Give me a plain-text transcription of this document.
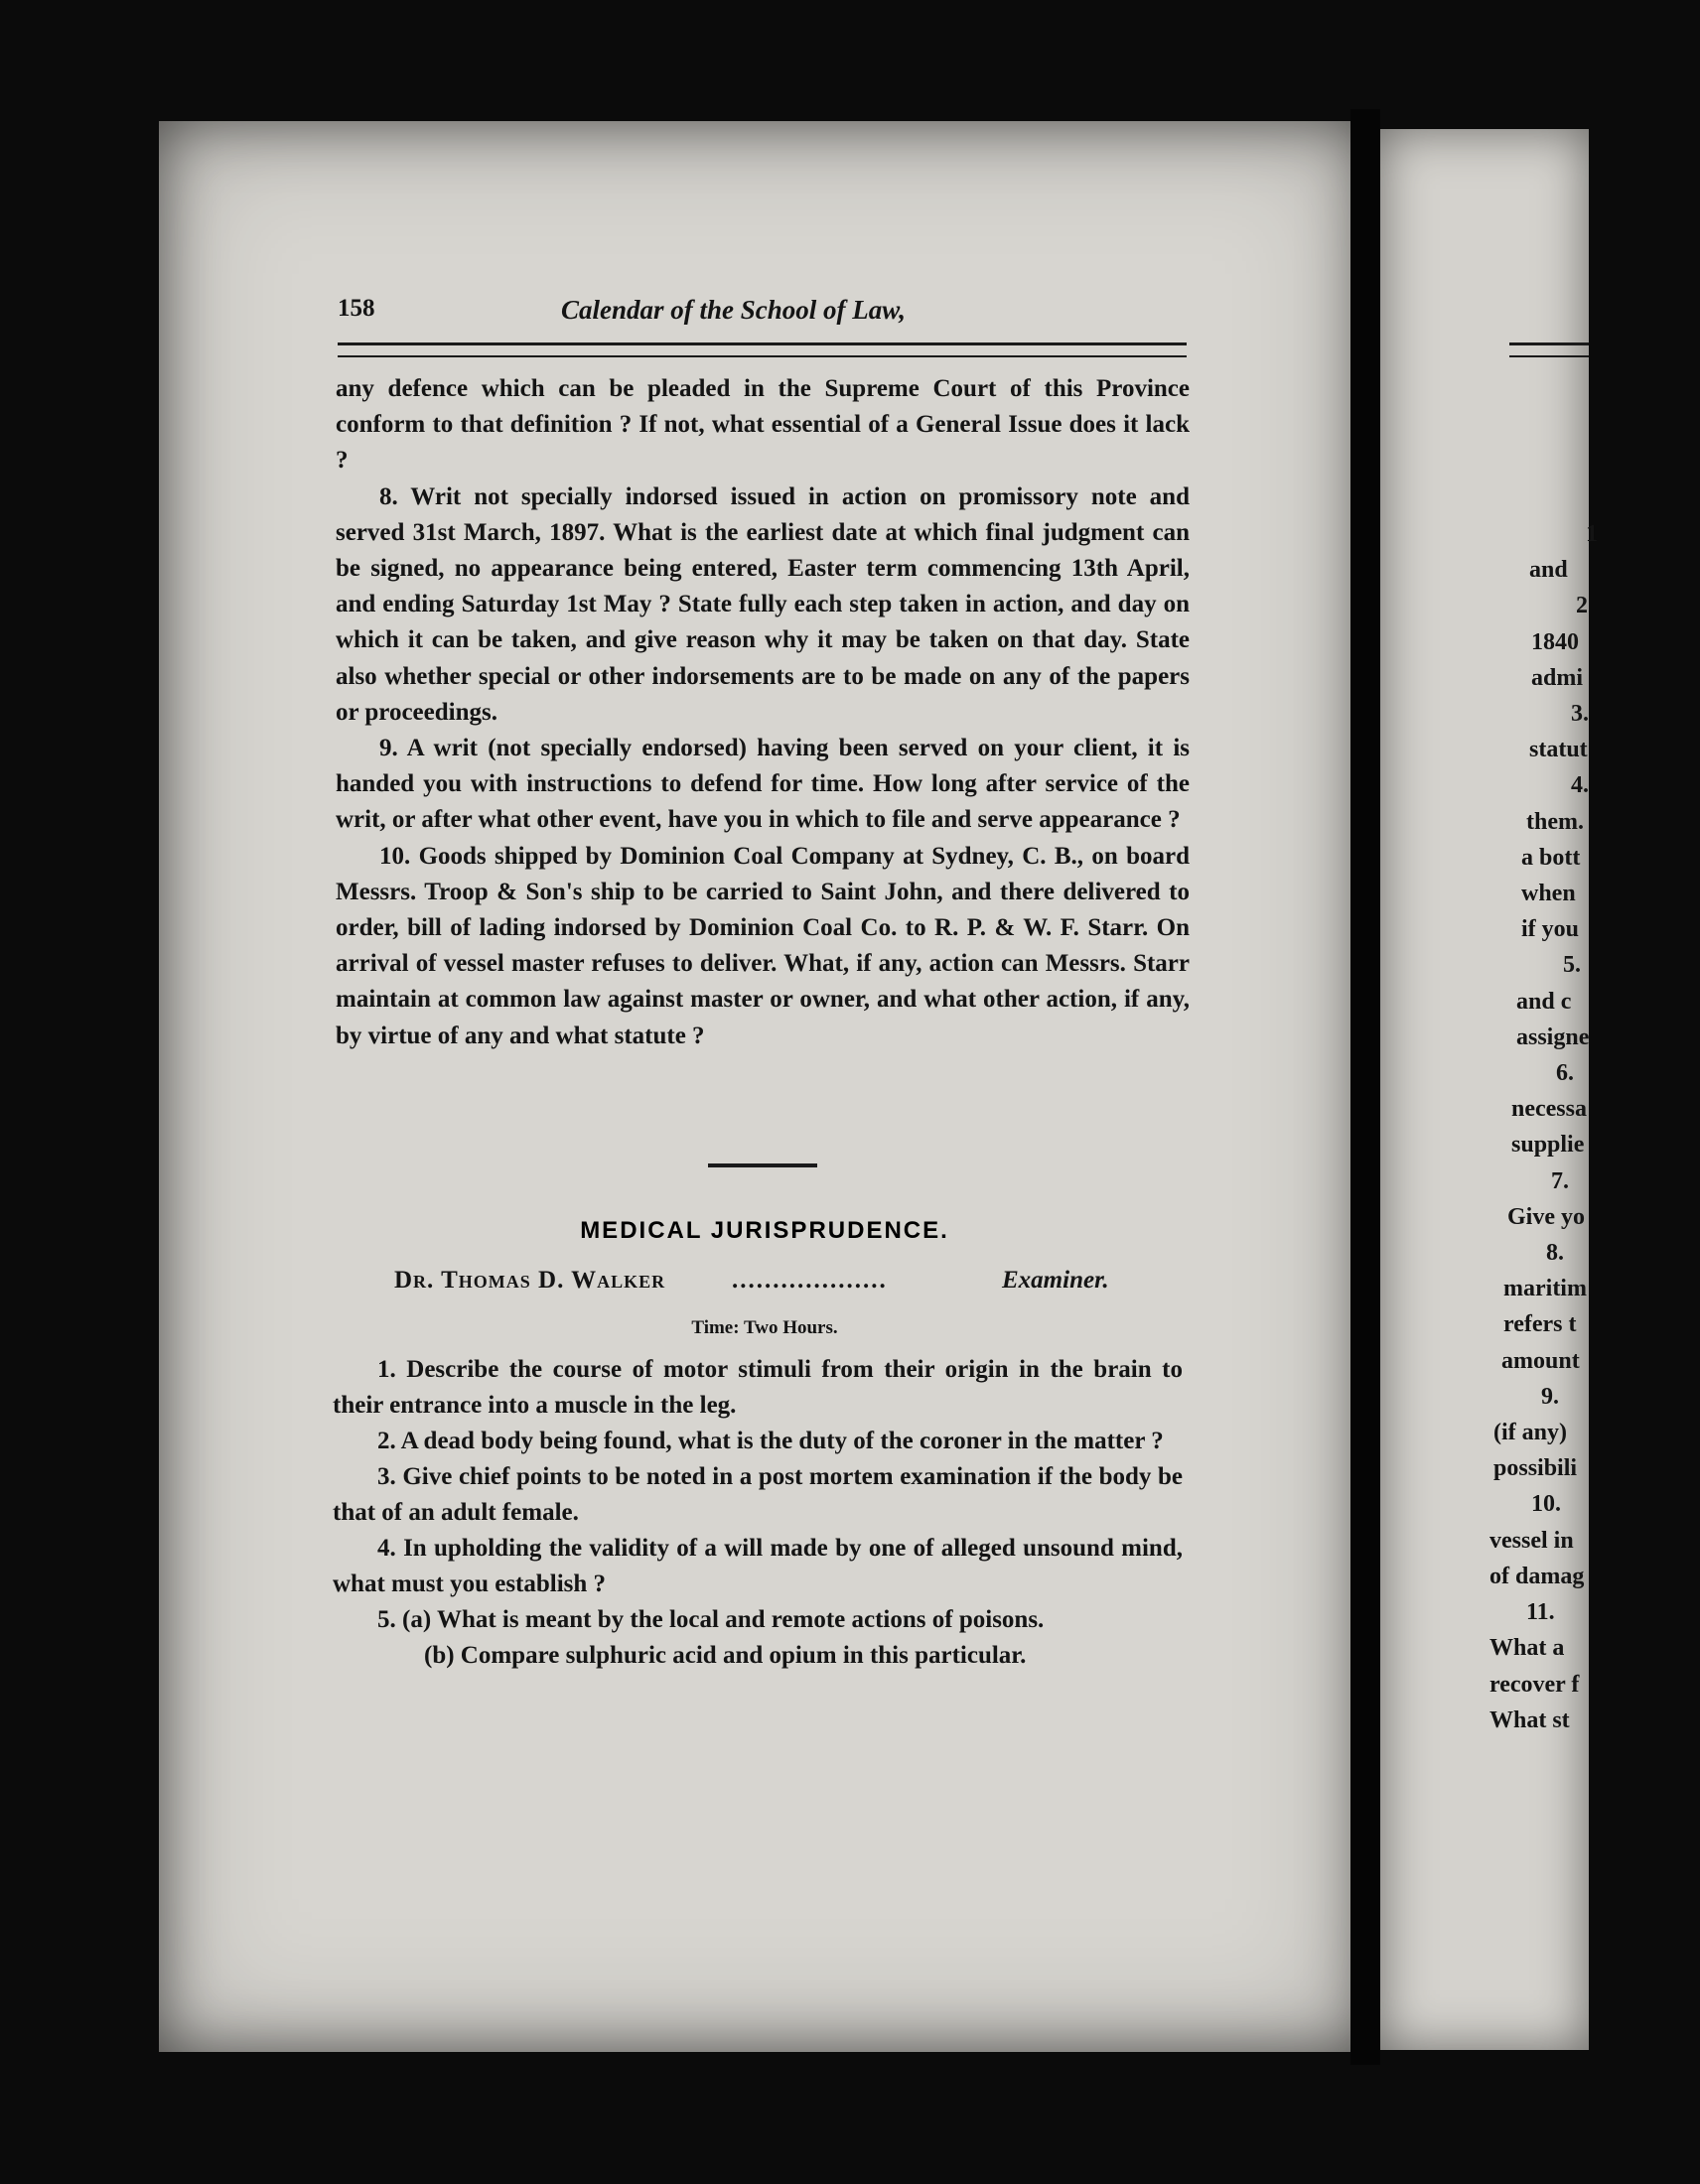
158	Calendar of the School of Law,

any defence which can be pleaded in the Supreme Court of this Province conform to that definition ? If not, what essential of a General Issue does it lack ?

8. Writ not specially indorsed issued in action on promissory note and served 31st March, 1897. What is the earliest date at which final judgment can be signed, no appearance being entered, Easter term commencing 13th April, and ending Saturday 1st May ? State fully each step taken in action, and day on which it can be taken, and give reason why it may be taken on that day. State also whether special or other indorsements are to be made on any of the papers or proceedings.

9. A writ (not specially endorsed) having been served on your client, it is handed you with instructions to defend for time. How long after service of the writ, or after what other event, have you in which to file and serve appearance ?

10. Goods shipped by Dominion Coal Company at Sydney, C. B., on board Messrs. Troop & Son's ship to be carried to Saint John, and there delivered to order, bill of lading indorsed by Dominion Coal Co. to R. P. & W. F. Starr. On arrival of vessel master refuses to deliver. What, if any, action can Messrs. Starr maintain at common law against master or owner, and what other action, if any, by virtue of any and what statute ?

MEDICAL JURISPRUDENCE.
Dr. Thomas D. Walker	...................	Examiner.
Time: Two Hours.

1. Describe the course of motor stimuli from their origin in the brain to their entrance into a muscle in the leg.

2. A dead body being found, what is the duty of the coroner in the matter ?

3. Give chief points to be noted in a post mortem examination if the body be that of an adult female.

4. In upholding the validity of a will made by one of alleged unsound mind, what must you establish ?

5. (a) What is meant by the local and remote actions of poisons.

(b) Compare sulphuric acid and opium in this particular.

1
and
2
1840
admi
3.
statut
4.
them.
a bott
when
if you
5.
and c
assigne
6.
necessa
supplie
7.
Give yo
8.
maritim
refers t
amount
9.
(if any)
possibili
10.
vessel in
of damag
11.
What a
recover f
What st
